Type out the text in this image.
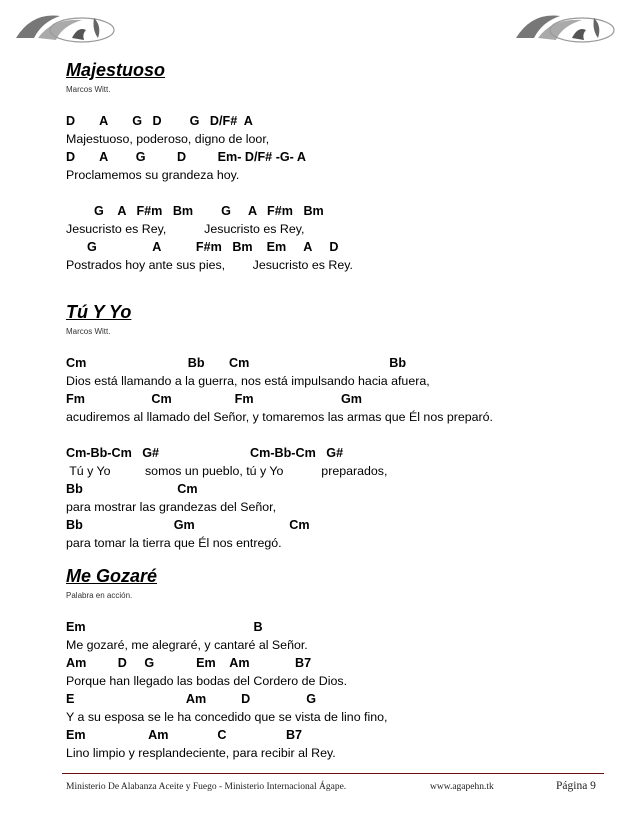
Majestuoso
Marcos Witt.
D       A       G   D        G   D/F#  A
Majestuoso, poderoso, digno de loor,
D       A        G         D         Em- D/F# -G- A
Proclamemos su grandeza hoy.
G    A   F#m   Bm        G     A   F#m   Bm
Jesucristo es Rey,           Jesucristo es Rey,
G                A          F#m   Bm    Em     A     D
Postrados hoy ante sus pies,        Jesucristo es Rey.
Tú Y Yo
Marcos Witt.
Cm                             Bb       Cm                                        Bb
Dios está llamando a la guerra, nos está impulsando hacia afuera,
Fm                   Cm                  Fm                         Gm
acudiremos al llamado del Señor, y tomaremos las armas que Él nos preparó.
Cm-Bb-Cm   G#                          Cm-Bb-Cm   G#
Tú y Yo          somos un pueblo, tú y Yo           preparados,
Bb                           Cm
para mostrar las grandezas del Señor,
Bb                          Gm                           Cm
para tomar la tierra que Él nos entregó.
Me Gozaré
Palabra en acción.
Em                                                B
Me gozaré, me alegraré, y cantaré al Señor.
Am         D     G            Em    Am             B7
Porque han llegado las bodas del Cordero de Dios.
E                                Am          D                G
Y a su esposa se le ha concedido que se vista de lino fino,
Em                  Am              C                 B7
Lino limpio y resplandeciente, para recibir al Rey.
Ministerio De Alabanza Aceite y Fuego - Ministerio Internacional Ágape.	www.agapehn.tk	Página 9
